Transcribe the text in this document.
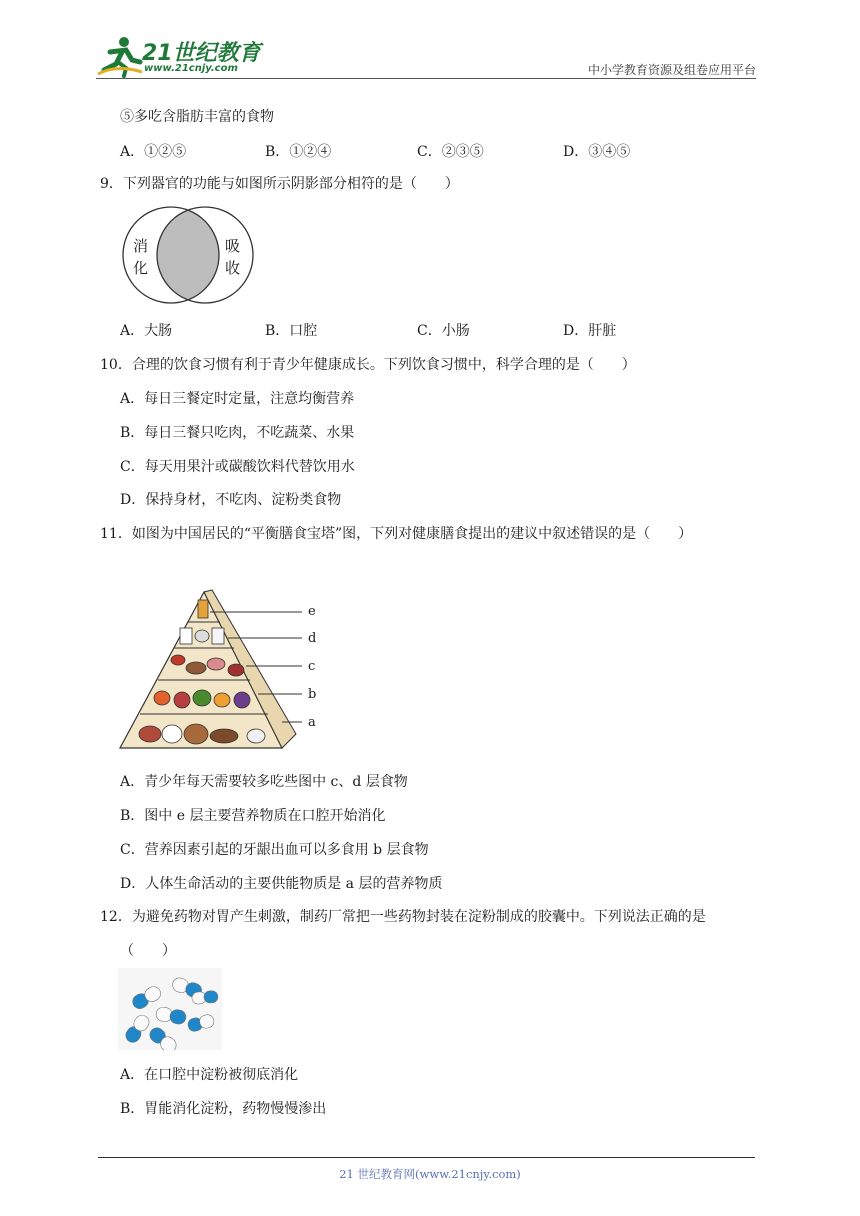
21世纪教育
www.21cnjy.com	中小学教育资源及组卷应用平台
⑤多吃含脂肪丰富的食物
A．①②⑤	B．①②④	C．②③⑤	D．③④⑤
9．下列器官的功能与如图所示阴影部分相符的是（　　）
消
化
吸
收
A．大肠	B．口腔	C．小肠	D．肝脏
10．合理的饮食习惯有利于青少年健康成长。下列饮食习惯中，科学合理的是（　　）
A．每日三餐定时定量，注意均衡营养
B．每日三餐只吃肉，不吃蔬菜、水果
C．每天用果汁或碳酸饮料代替饮用水
D．保持身材，不吃肉、淀粉类食物
11．如图为中国居民的“平衡膳食宝塔”图，下列对健康膳食提出的建议中叙述错误的是（　　）
e
d
c
b
a
A．青少年每天需要较多吃些图中 c、d 层食物
B．图中 e 层主要营养物质在口腔开始消化
C．营养因素引起的牙龈出血可以多食用 b 层食物
D．人体生命活动的主要供能物质是 a 层的营养物质
12．为避免药物对胃产生刺激，制药厂常把一些药物封装在淀粉制成的胶囊中。下列说法正确的是
（　　）
A．在口腔中淀粉被彻底消化
B．胃能消化淀粉，药物慢慢渗出
21 世纪教育网(www.21cnjy.com)
